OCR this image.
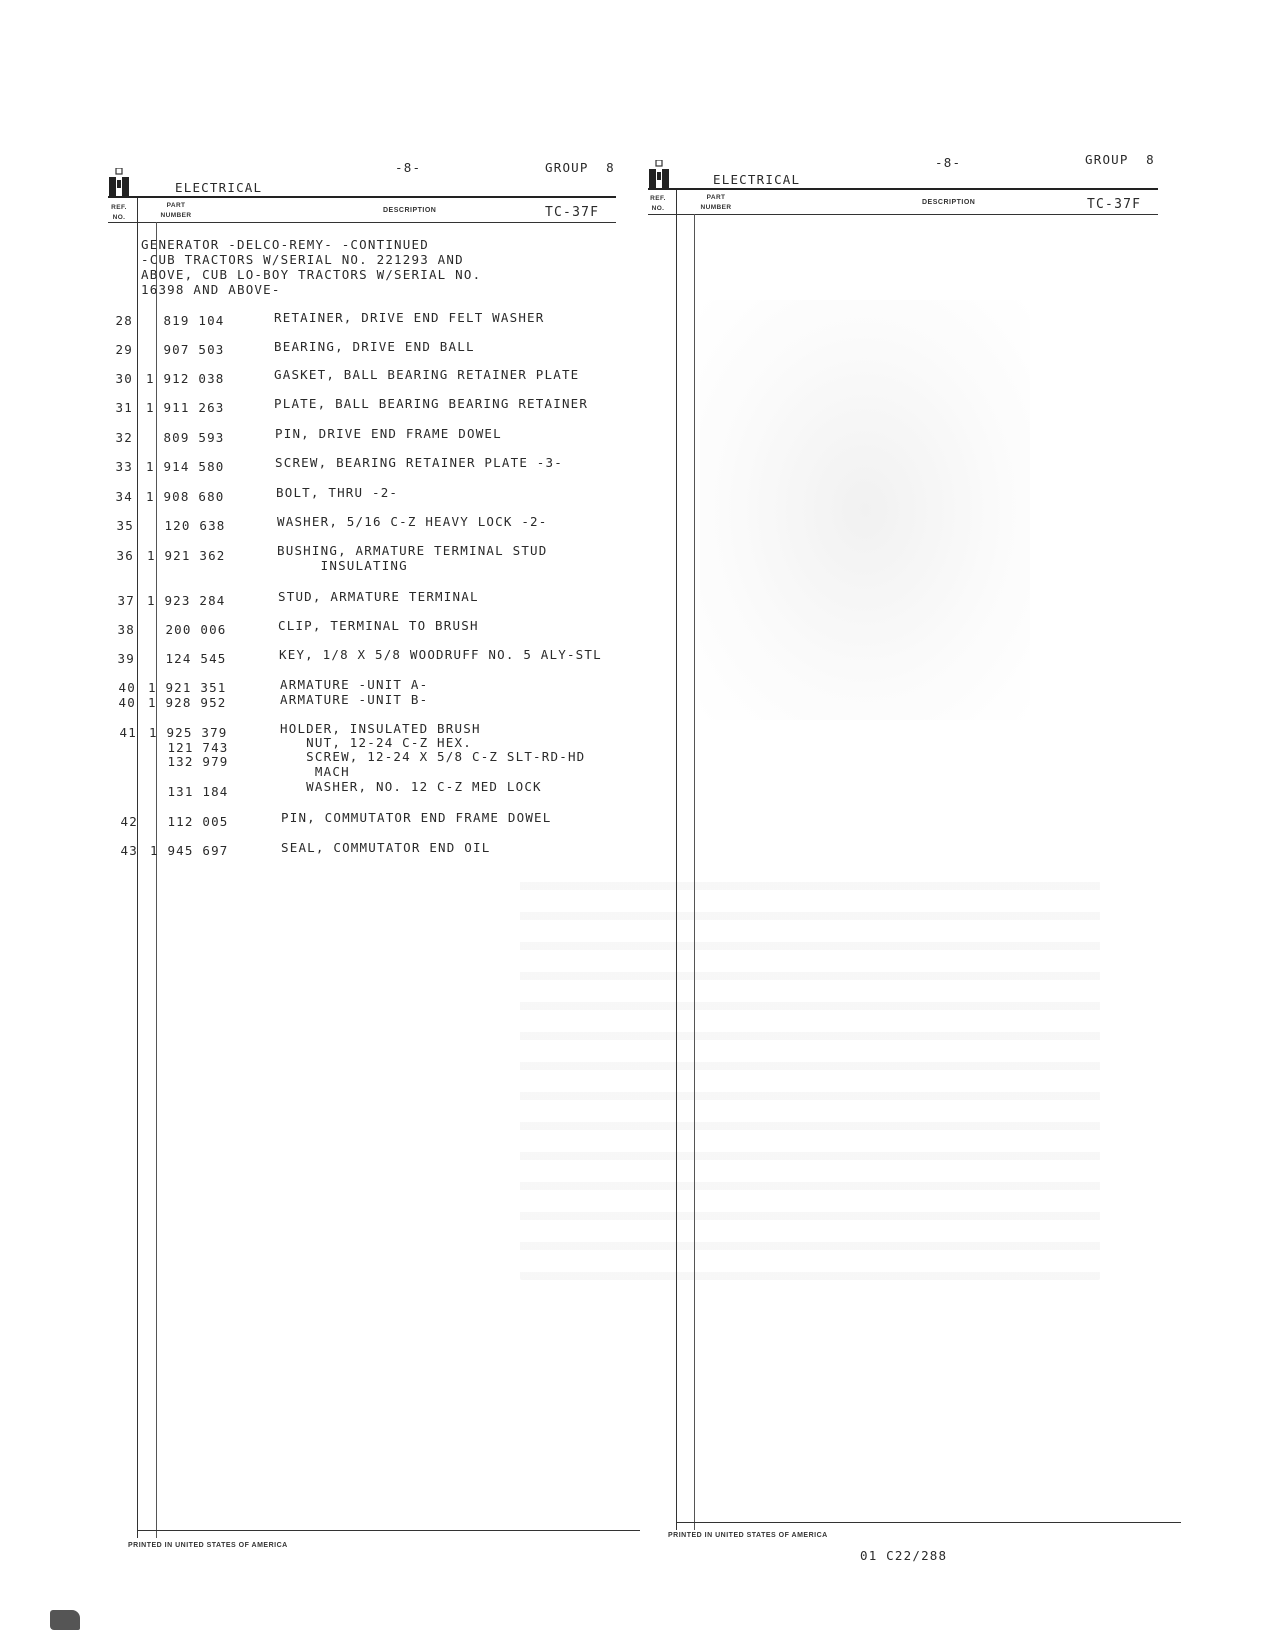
ELECTRICAL
-8-	GROUP  8
REF.
NO.
PART
NUMBER
DESCRIPTION	TC-37F
GENERATOR -DELCO-REMY- -CONTINUED
-CUB TRACTORS W/SERIAL NO. 221293 AND
ABOVE, CUB LO-BOY TRACTORS W/SERIAL NO.
16398 AND ABOVE-
28 819 104	RETAINER, DRIVE END FELT WASHER
29 907 503	BEARING, DRIVE END BALL
30 1 912 038	GASKET, BALL BEARING RETAINER PLATE
31 1 911 263	PLATE, BALL BEARING BEARING RETAINER
32 809 593	PIN, DRIVE END FRAME DOWEL
33 1 914 580	SCREW, BEARING RETAINER PLATE -3-
34 1 908 680	BOLT, THRU -2-
35 120 638	WASHER, 5/16 C-Z HEAVY LOCK -2-
36 1 921 362	BUSHING, ARMATURE TERMINAL STUD
INSULATING
37 1 923 284	STUD, ARMATURE TERMINAL
38 200 006	CLIP, TERMINAL TO BRUSH
39 124 545	KEY, 1/8 X 5/8 WOODRUFF NO. 5 ALY-STL
40 1 921 351	ARMATURE -UNIT A-
40 1 928 952	ARMATURE -UNIT B-
41 1 925 379	HOLDER, INSULATED BRUSH
121 743	NUT, 12-24 C-Z HEX.
132 979	SCREW, 12-24 X 5/8 C-Z SLT-RD-HD
MACH
131 184	WASHER, NO. 12 C-Z MED LOCK
42 112 005	PIN, COMMUTATOR END FRAME DOWEL
43 1 945 697	SEAL, COMMUTATOR END OIL
PRINTED IN UNITED STATES OF AMERICA
ELECTRICAL
-8-	GROUP  8
REF.
NO.
PART
NUMBER
DESCRIPTION	TC-37F
PRINTED IN UNITED STATES OF AMERICA
01 C22/288
